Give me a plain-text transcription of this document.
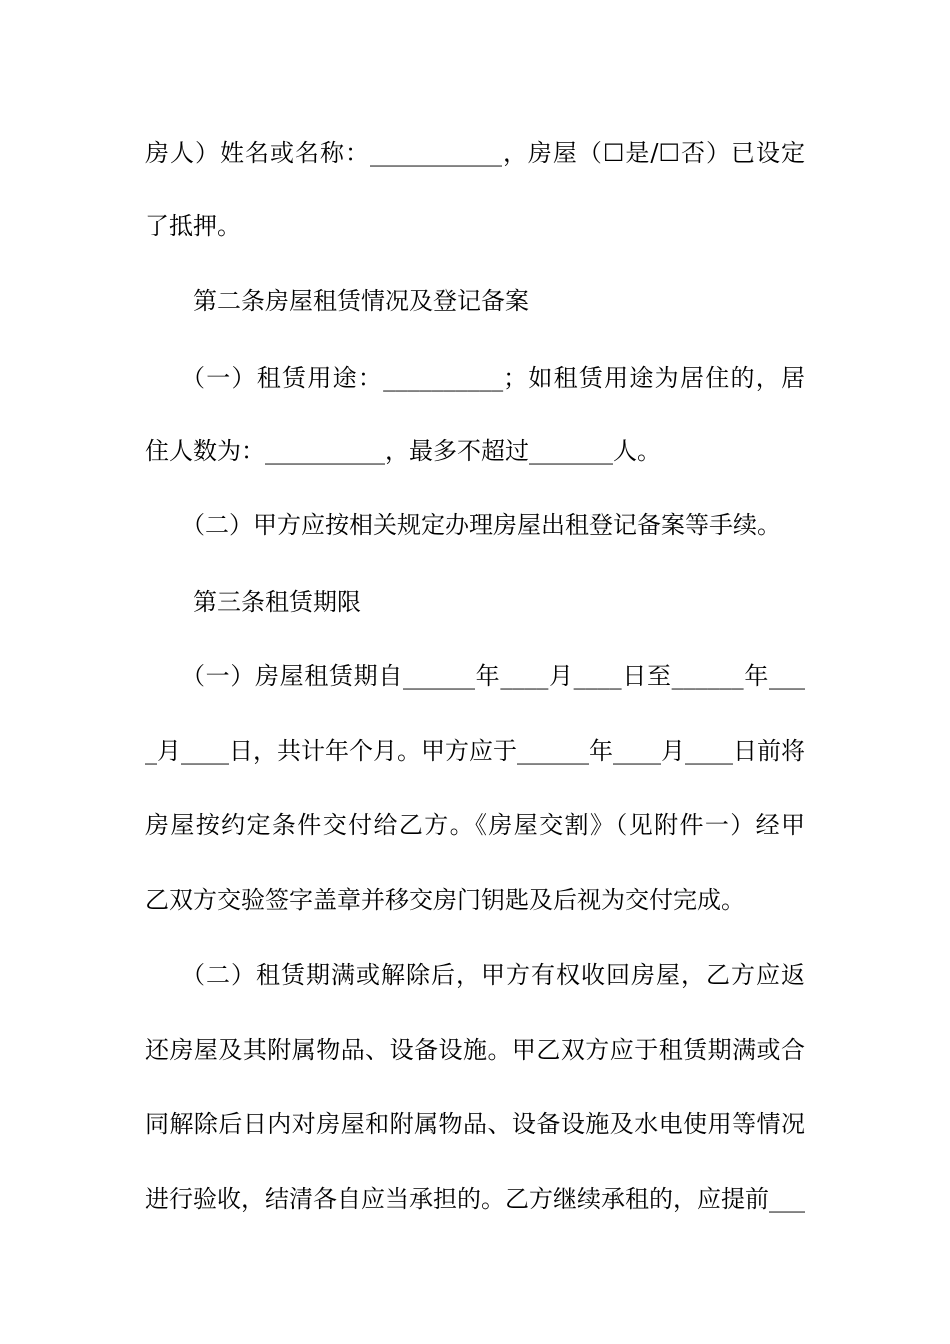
房人）姓名或名称：___________，房屋（☐是/☐否）已设定
了抵押。
第二条房屋租赁情况及登记备案
（一）租赁用途：__________；如租赁用途为居住的，居
住人数为：__________，最多不超过_______人。
（二）甲方应按相关规定办理房屋出租登记备案等手续。
第三条租赁期限
（一）房屋租赁期自______年____月____日至______年___
_月____日，共计年个月。甲方应于______年____月____日前将
房屋按约定条件交付给乙方。《房屋交割》（见附件一）经甲
乙双方交验签字盖章并移交房门钥匙及后视为交付完成。
（二）租赁期满或解除后，甲方有权收回房屋，乙方应返
还房屋及其附属物品、设备设施。甲乙双方应于租赁期满或合
同解除后日内对房屋和附属物品、设备设施及水电使用等情况
进行验收，结清各自应当承担的。乙方继续承租的，应提前___
